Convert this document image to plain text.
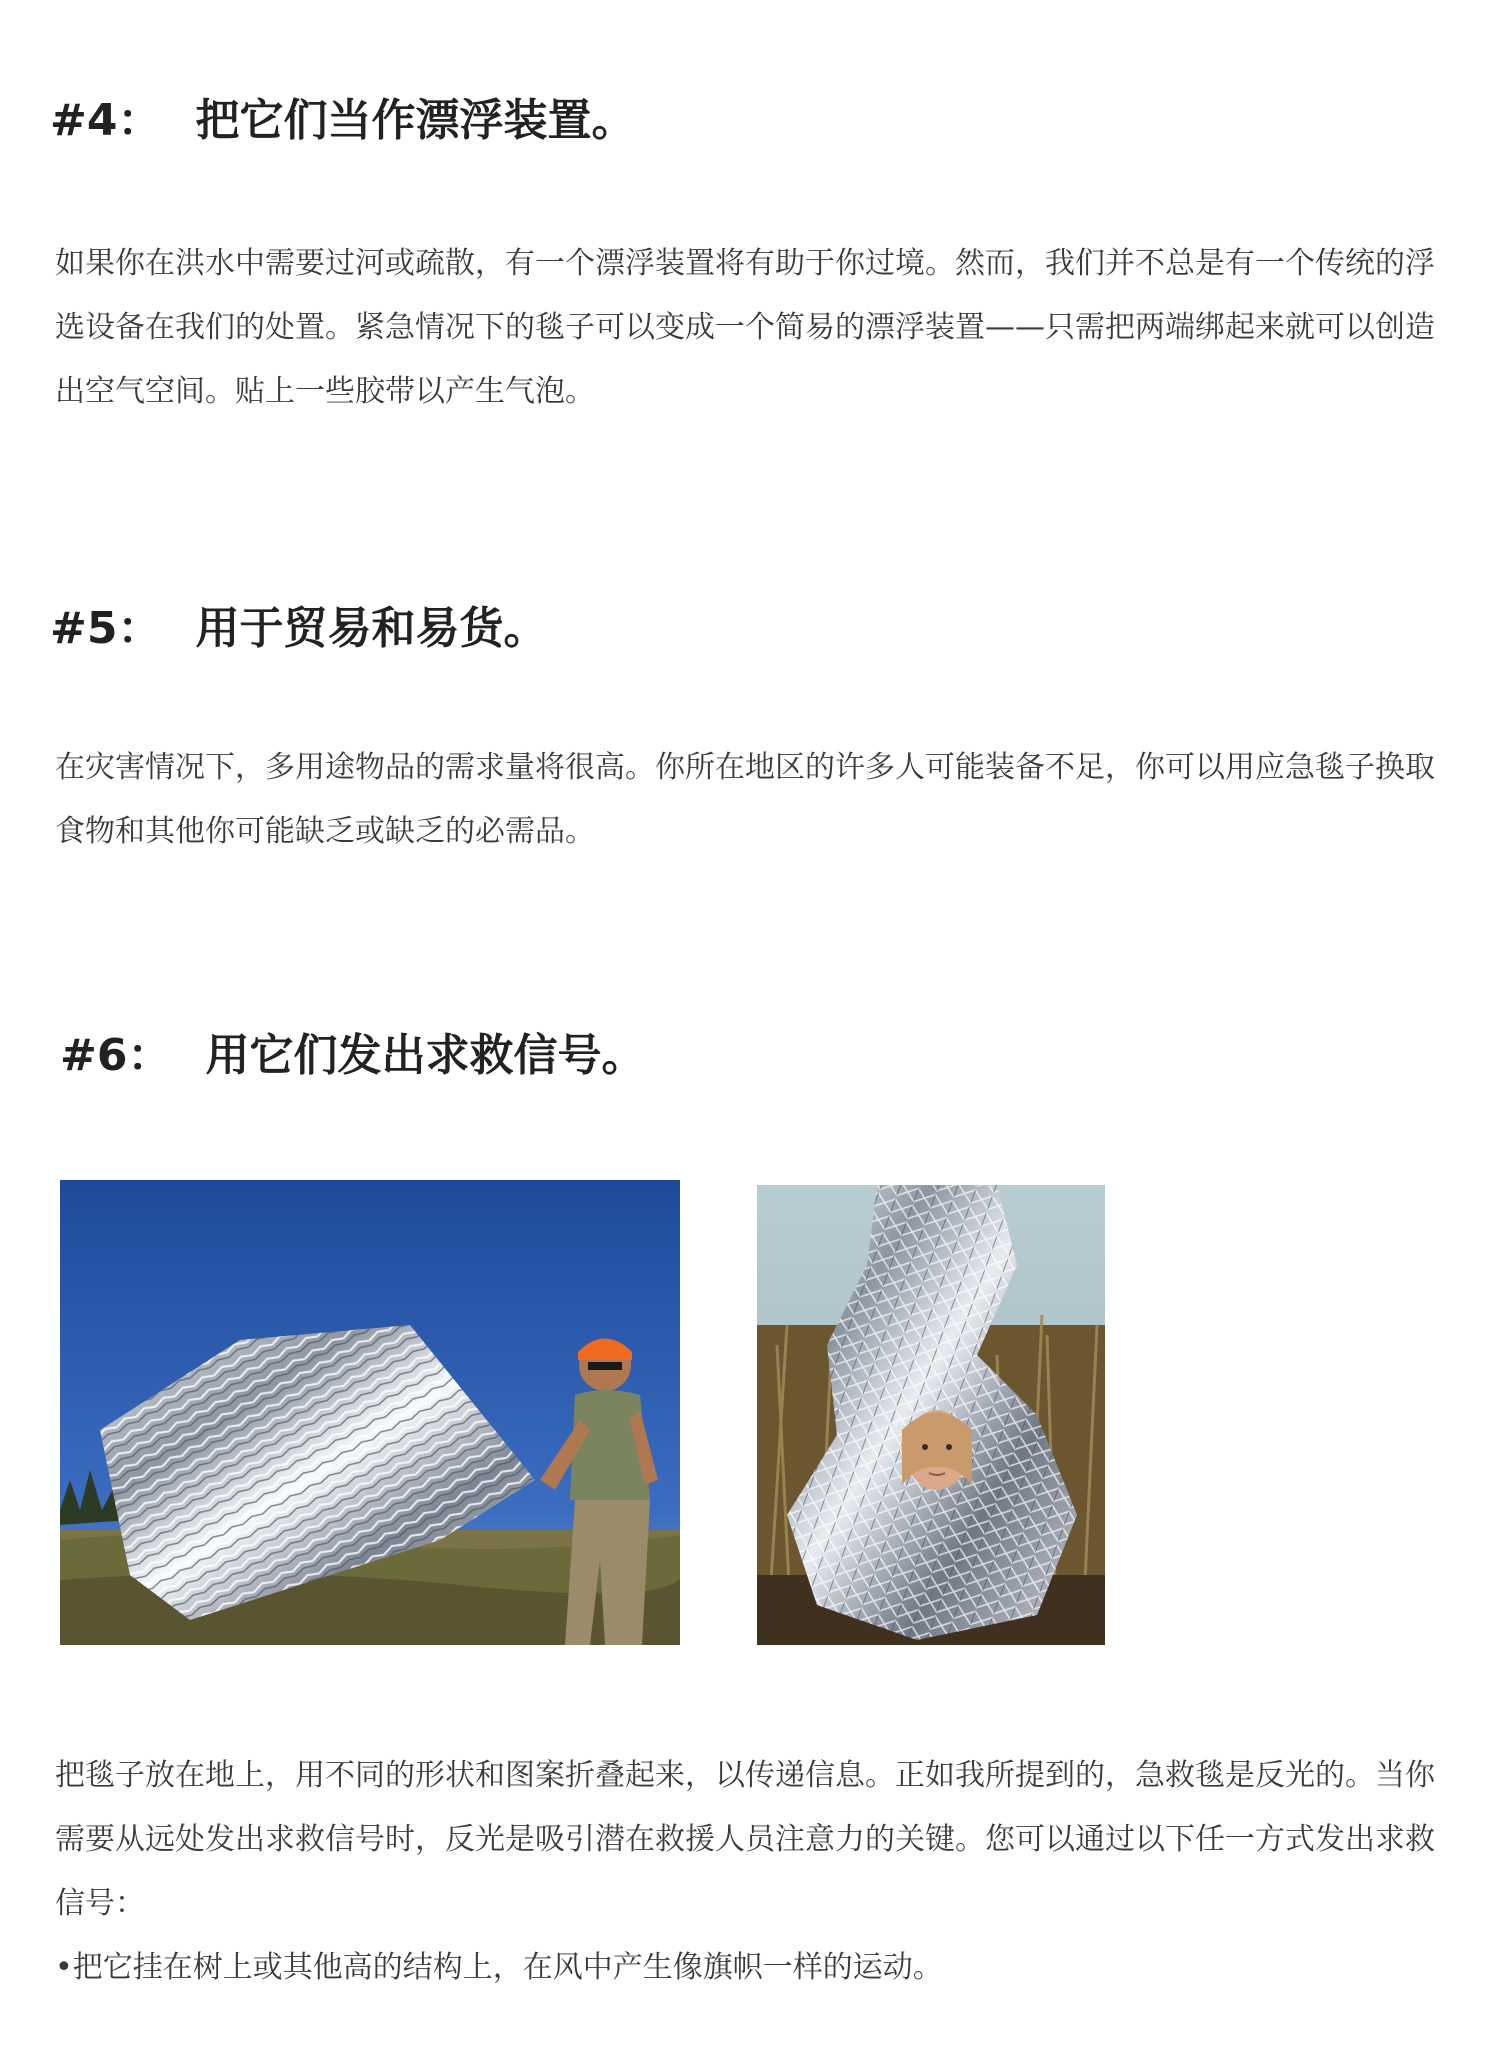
#4： 把它们当作漂浮装置。

如果你在洪水中需要过河或疏散，有一个漂浮装置将有助于你过境。然而，我们并不总是有一个传统的浮选设备在我们的处置。紧急情况下的毯子可以变成一个简易的漂浮装置——只需把两端绑起来就可以创造出空气空间。贴上一些胶带以产生气泡。

#5： 用于贸易和易货。

在灾害情况下，多用途物品的需求量将很高。你所在地区的许多人可能装备不足，你可以用应急毯子换取食物和其他你可能缺乏或缺乏的必需品。

#6： 用它们发出求救信号。

把毯子放在地上，用不同的形状和图案折叠起来，以传递信息。正如我所提到的，急救毯是反光的。当你需要从远处发出求救信号时，反光是吸引潜在救援人员注意力的关键。您可以通过以下任一方式发出求救信号：

•把它挂在树上或其他高的结构上，在风中产生像旗帜一样的运动。
